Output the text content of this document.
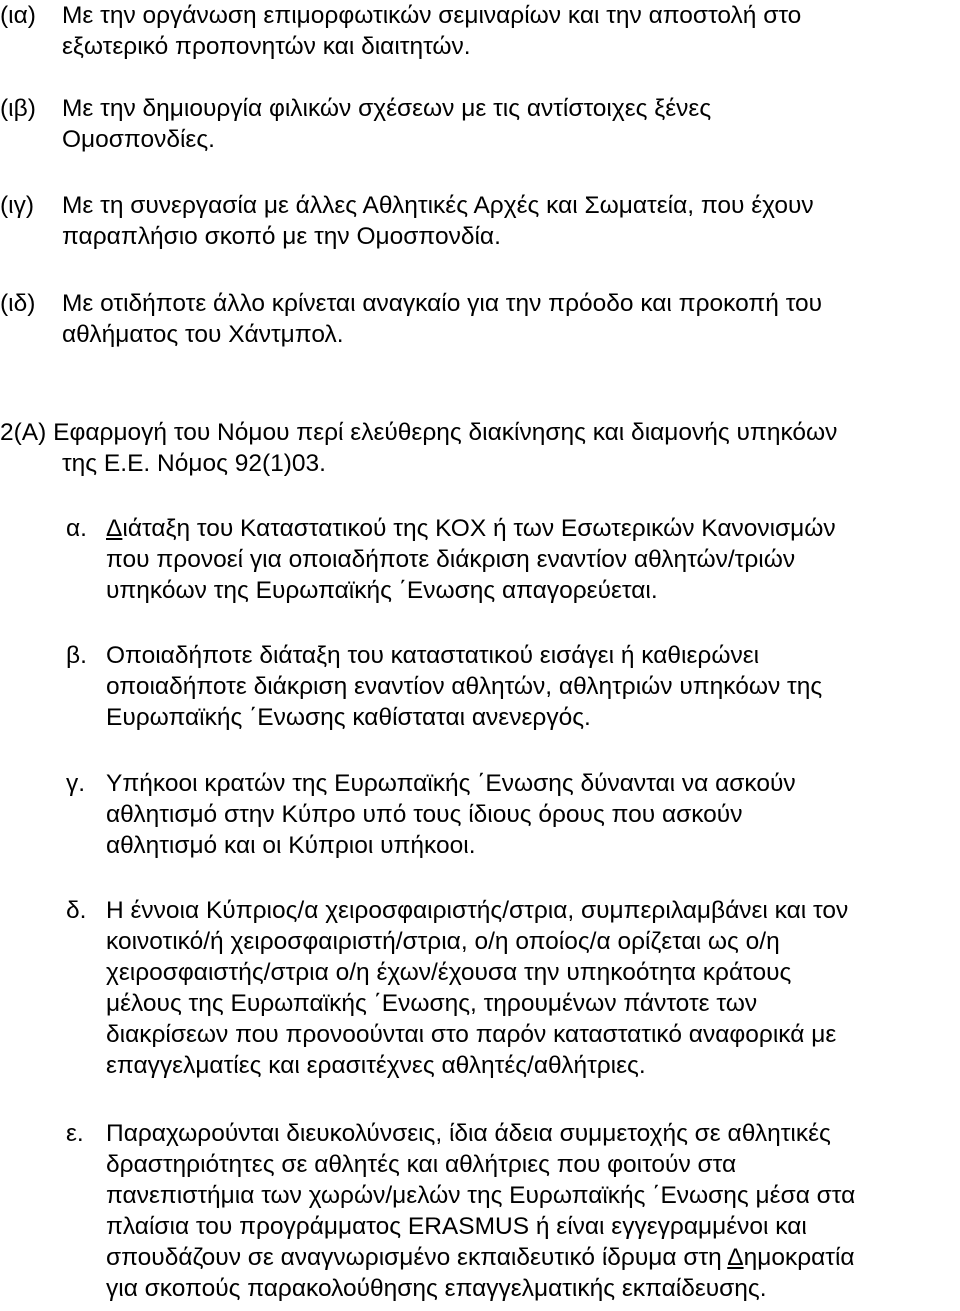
(ια) Με την οργάνωση επιμορφωτικών σεμιναρίων και την αποστολή στο
εξωτερικό προπονητών και διαιτητών.
(ιβ) Με την δημιουργία φιλικών σχέσεων με τις αντίστοιχες ξένες
Ομοσπονδίες.
(ιγ) Με τη συνεργασία με άλλες Αθλητικές Αρχές και Σωματεία, που έχουν
παραπλήσιο σκοπό με την Ομοσπονδία.
(ιδ) Με οτιδήποτε άλλο κρίνεται αναγκαίο για την πρόοδο και προκοπή του
αθλήματος του Χάντμπολ.
2(Α) Εφαρμογή του Νόμου περί ελεύθερης διακίνησης και διαμονής υπηκόων
της Ε.Ε. Νόμος 92(1)03.
α. Διάταξη του Καταστατικού της ΚΟΧ ή των Εσωτερικών Κανονισμών
που προνοεί για οποιαδήποτε διάκριση εναντίον αθλητών/τριών
υπηκόων της Ευρωπαϊκής ΄Ενωσης απαγορεύεται.
β. Οποιαδήποτε διάταξη του καταστατικού εισάγει ή καθιερώνει
οποιαδήποτε διάκριση εναντίον αθλητών, αθλητριών υπηκόων της
Ευρωπαϊκής ΄Ενωσης καθίσταται ανενεργός.
γ. Υπήκοοι κρατών της Ευρωπαϊκής ΄Ενωσης δύνανται να ασκούν
αθλητισμό στην Κύπρο υπό τους ίδιους όρους που ασκούν
αθλητισμό και οι Κύπριοι υπήκοοι.
δ. Η έννοια Κύπριος/α χειροσφαιριστής/στρια, συμπεριλαμβάνει και τον
κοινοτικό/ή χειροσφαιριστή/στρια, ο/η οποίος/α ορίζεται ως ο/η
χειροσφαιστής/στρια ο/η έχων/έχουσα την υπηκοότητα κράτους
μέλους της Ευρωπαϊκής ΄Ενωσης, τηρουμένων πάντοτε των
διακρίσεων που προνοούνται στο παρόν καταστατικό αναφορικά με
επαγγελματίες και ερασιτέχνες αθλητές/αθλήτριες.
ε. Παραχωρούνται διευκολύνσεις, ίδια άδεια συμμετοχής σε αθλητικές
δραστηριότητες σε αθλητές και αθλήτριες που φοιτούν στα
πανεπιστήμια των χωρών/μελών της Ευρωπαϊκής ΄Ενωσης μέσα στα
πλαίσια του προγράμματος ERASMUS ή είναι εγγεγραμμένοι και
σπουδάζουν σε αναγνωρισμένο εκπαιδευτικό ίδρυμα στη Δημοκρατία
για σκοπούς παρακολούθησης επαγγελματικής εκπαίδευσης.
